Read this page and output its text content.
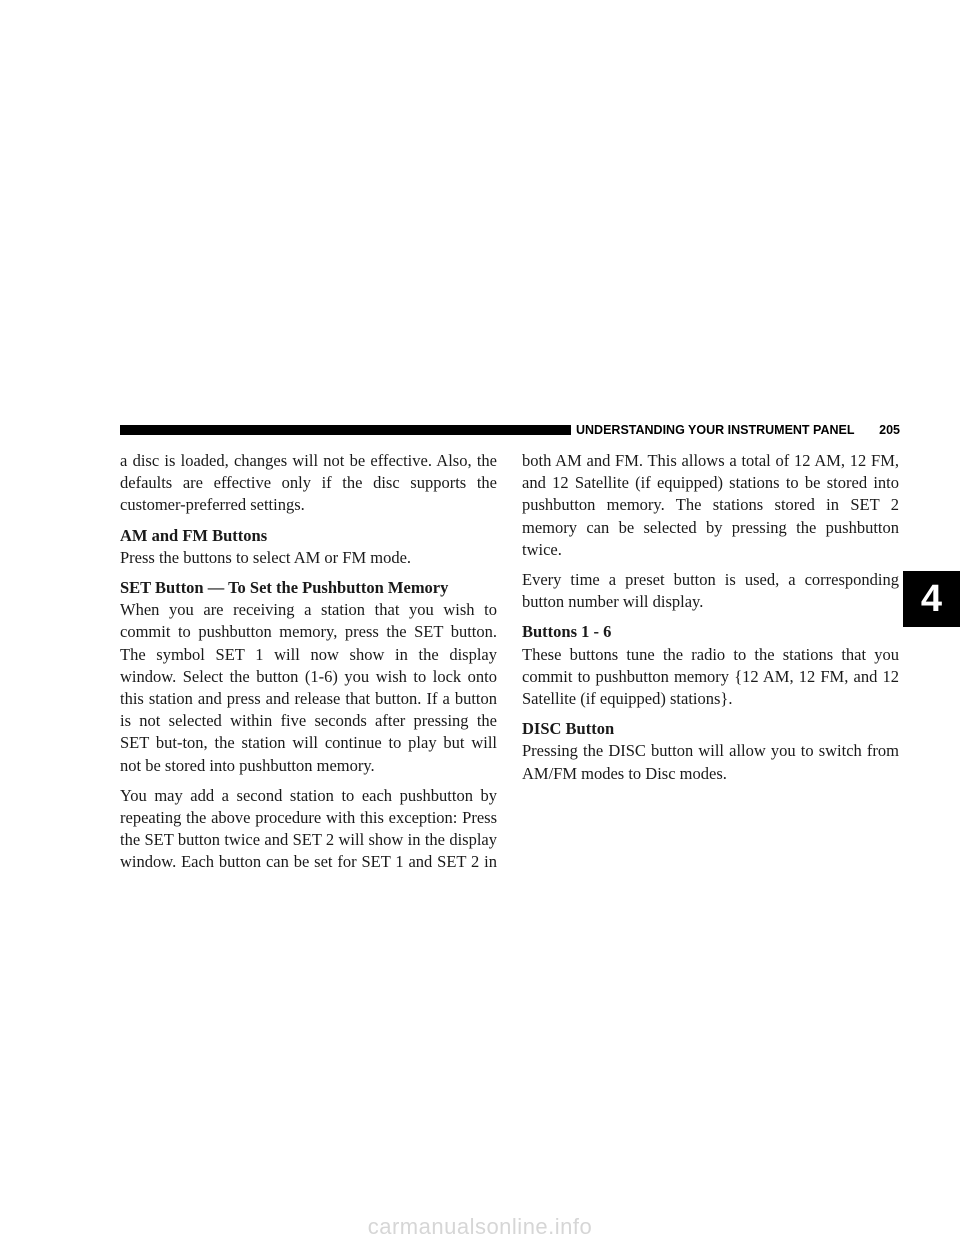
UNDERSTANDING YOUR INSTRUMENT PANEL 205
4

a disc is loaded, changes will not be effective. Also, the defaults are effective only if the disc supports the customer-preferred settings.

AM and FM Buttons

Press the buttons to select AM or FM mode.

SET Button — To Set the Pushbutton Memory

When you are receiving a station that you wish to commit to pushbutton memory, press the SET button. The symbol SET 1 will now show in the display window. Select the button (1-6) you wish to lock onto this station and press and release that button. If a button is not selected within five seconds after pressing the SET but-ton, the station will continue to play but will not be stored into pushbutton memory.

You may add a second station to each pushbutton by repeating the above procedure with this exception: Press the SET button twice and SET 2 will show in the display window. Each button can be set for SET 1 and SET 2 in

both AM and FM. This allows a total of 12 AM, 12 FM, and 12 Satellite (if equipped) stations to be stored into pushbutton memory. The stations stored in SET 2 memory can be selected by pressing the pushbutton twice.

Every time a preset button is used, a corresponding button number will display.

Buttons 1 - 6

These buttons tune the radio to the stations that you commit to pushbutton memory {12 AM, 12 FM, and 12 Satellite (if equipped) stations}.

DISC Button

Pressing the DISC button will allow you to switch from AM/FM modes to Disc modes.

carmanualsonline.info
